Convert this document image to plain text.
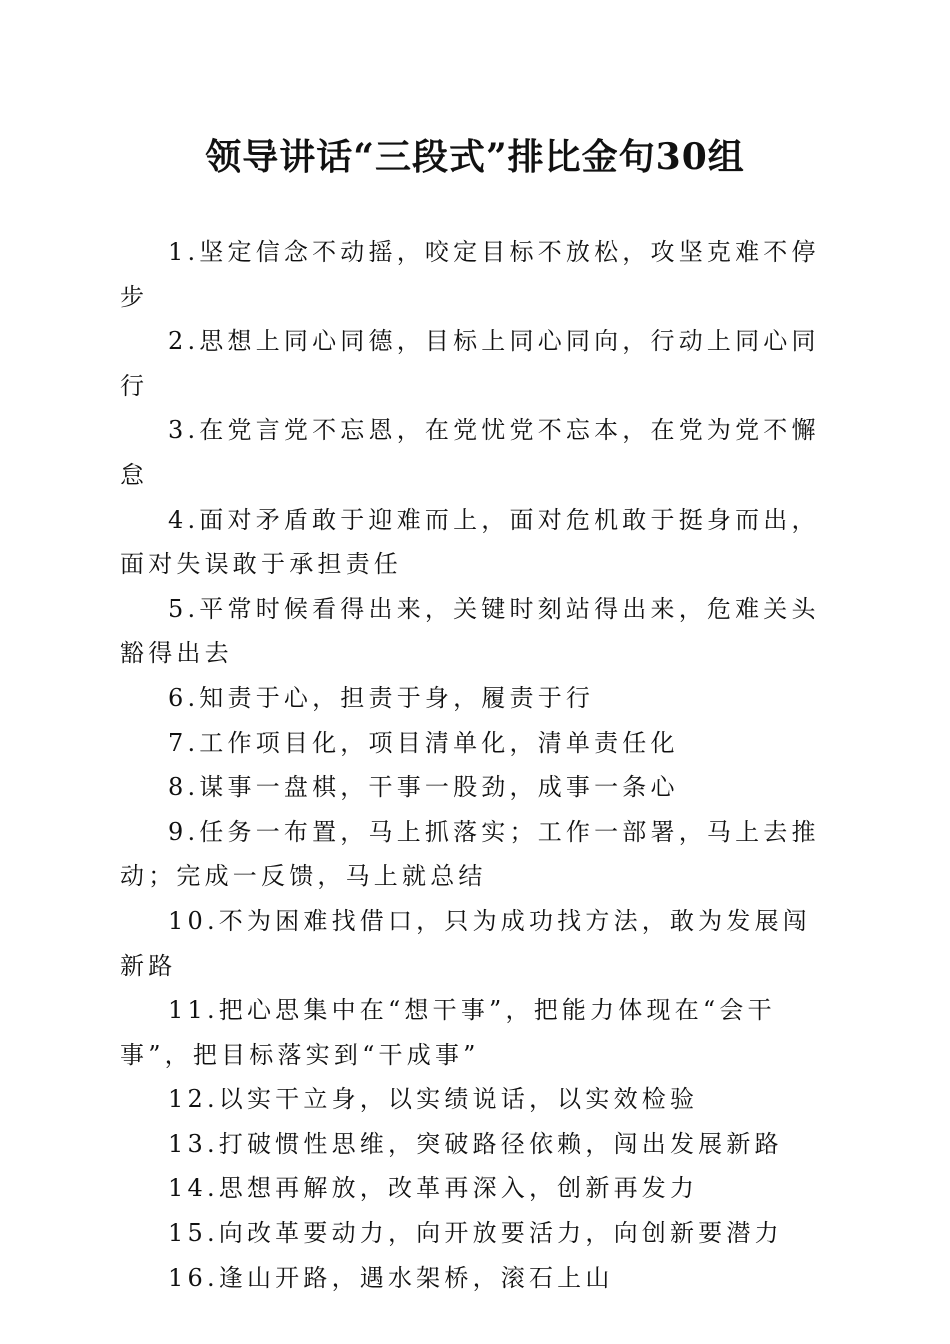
领导讲话“三段式”排比金句30组

1.坚定信念不动摇，咬定目标不放松，攻坚克难不停步

2.思想上同心同德，目标上同心同向，行动上同心同行

3.在党言党不忘恩，在党忧党不忘本，在党为党不懈怠

4.面对矛盾敢于迎难而上，面对危机敢于挺身而出，面对失误敢于承担责任

5.平常时候看得出来，关键时刻站得出来，危难关头豁得出去

6.知责于心，担责于身，履责于行

7.工作项目化，项目清单化，清单责任化

8.谋事一盘棋，干事一股劲，成事一条心

9.任务一布置，马上抓落实；工作一部署，马上去推动；完成一反馈，马上就总结

10.不为困难找借口，只为成功找方法，敢为发展闯新路

11.把心思集中在“想干事”，把能力体现在“会干事”，把目标落实到“干成事”

12.以实干立身，以实绩说话，以实效检验

13.打破惯性思维，突破路径依赖，闯出发展新路

14.思想再解放，改革再深入，创新再发力

15.向改革要动力，向开放要活力，向创新要潜力

16.逢山开路，遇水架桥，滚石上山
